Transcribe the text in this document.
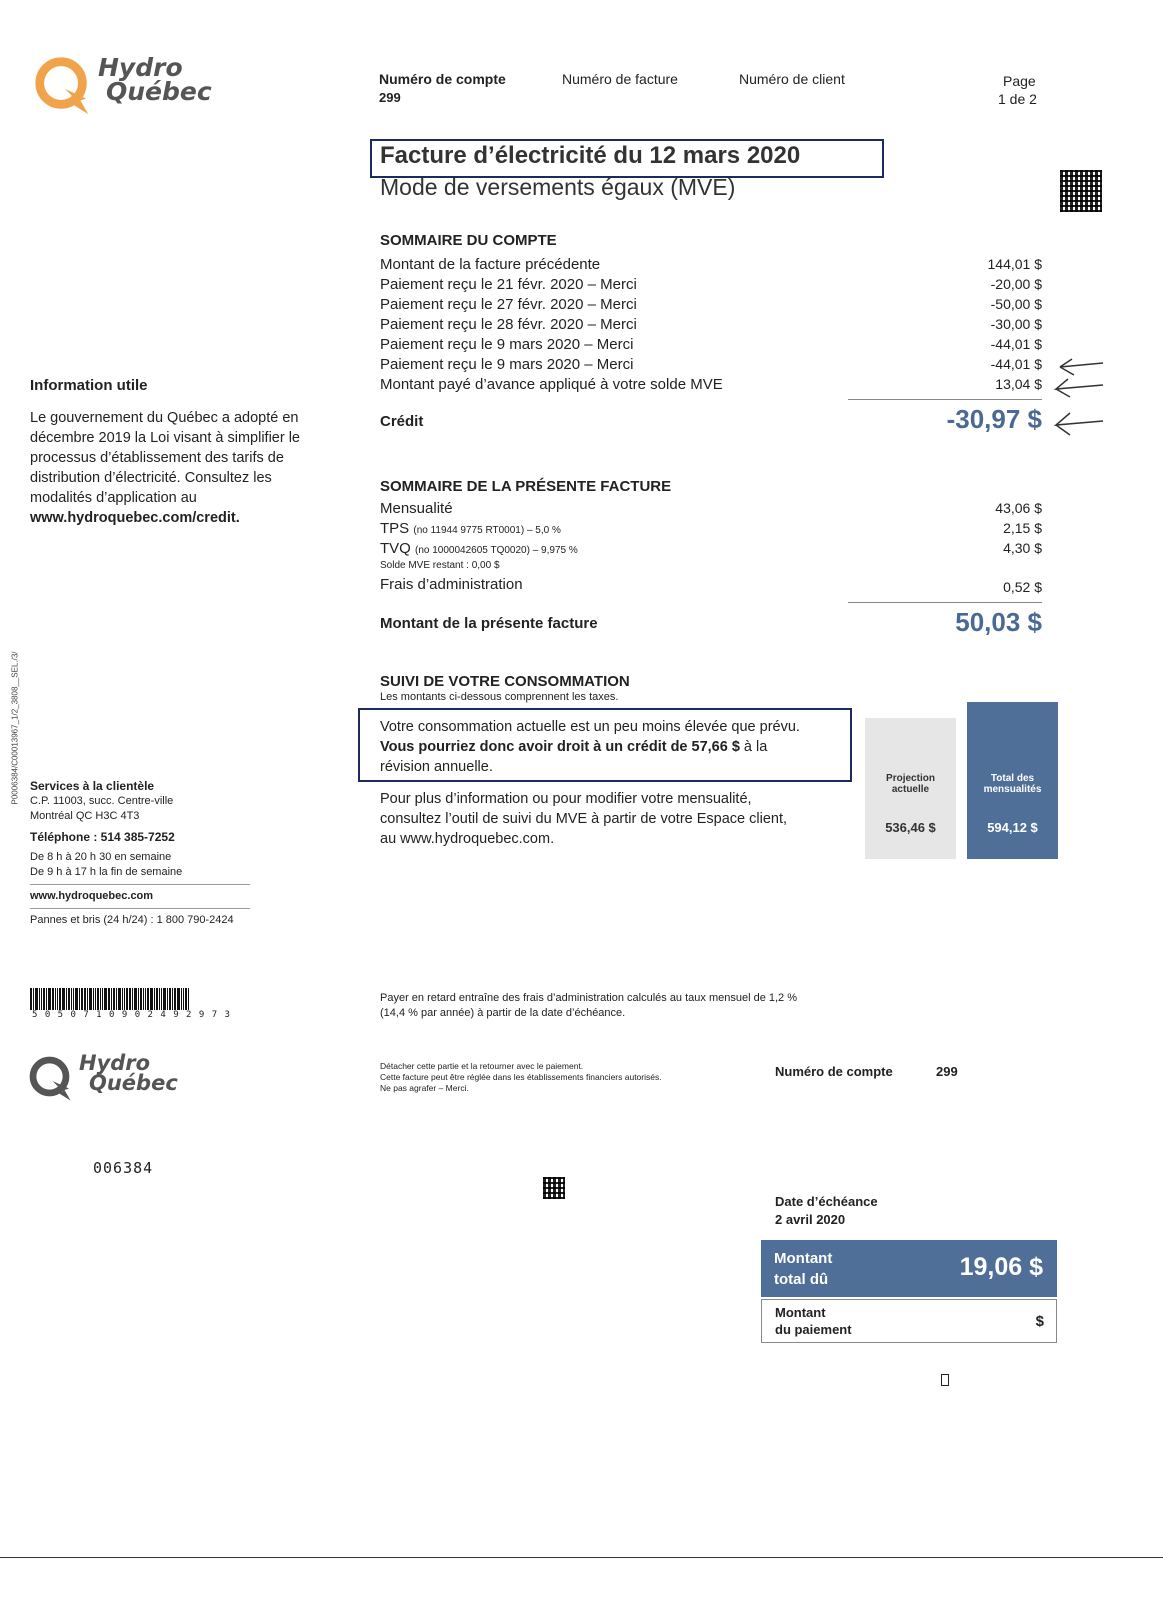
Hydro
Québec	Numéro de compte
299
Numéro de facture	Numéro de client	Page
1 de 2
Facture d’électricité du 12 mars 2020
Mode de versements égaux (MVE)
SOMMAIRE DU COMPTE
Montant de la facture précédente	144,01 $
Paiement reçu le 21 févr. 2020 – Merci	-20,00 $
Paiement reçu le 27 févr. 2020 – Merci	-50,00 $
Paiement reçu le 28 févr. 2020 – Merci	-30,00 $
Paiement reçu le 9 mars 2020 – Merci	-44,01 $
Paiement reçu le 9 mars 2020 – Merci	-44,01 $
Montant payé d’avance appliqué à votre solde MVE	13,04 $
Crédit	-30,97 $
SOMMAIRE DE LA PRÉSENTE FACTURE
Mensualité	43,06 $
TPS (no 11944 9775 RT0001) – 5,0 %	2,15 $
TVQ (no 1000042605 TQ0020) – 9,975 %	4,30 $
Solde MVE restant : 0,00 $
Frais d’administration	0,52 $
Montant de la présente facture	50,03 $
SUIVI DE VOTRE CONSOMMATION
Les montants ci-dessous comprennent les taxes.
Votre consommation actuelle est un peu moins élevée que prévu.
Vous pourriez donc avoir droit à un crédit de 57,66 $ à la
révision annuelle.
Pour plus d’information ou pour modifier votre mensualité,
consultez l’outil de suivi du MVE à partir de votre Espace client,
au www.hydroquebec.com.
Projection
actuelle
536,46 $
Total des
mensualités
594,12 $
Information utile
Le gouvernement du Québec a adopté en
décembre 2019 la Loi visant à simplifier le
processus d’établissement des tarifs de
distribution d’électricité. Consultez les
modalités d’application au
www.hydroquebec.com/credit.
P0006384/C00013967_1/2_3808__SEL./3/ Services à la clientèle
C.P. 11003, succ. Centre-ville
Montréal QC H3C 4T3
Téléphone : 514 385-7252
De 8 h à 20 h 30 en semaine
De 9 h à 17 h la fin de semaine
www.hydroquebec.com
Pannes et bris (24 h/24) : 1 800 790-2424
5 0 5 0 7 1 0 9 0 2 4 9 2 9 7 3
Payer en retard entraîne des frais d’administration calculés au taux mensuel de 1,2 %
(14,4 % par année) à partir de la date d’échéance.
Hydro
Québec
Détacher cette partie et la retourner avec le paiement.
Cette facture peut être réglée dans les établissements financiers autorisés.
Ne pas agrafer – Merci.
Numéro de compte	299
006384
Date d’échéance
2 avril 2020
Montant
total dû	19,06 $
Montant
du paiement	$
